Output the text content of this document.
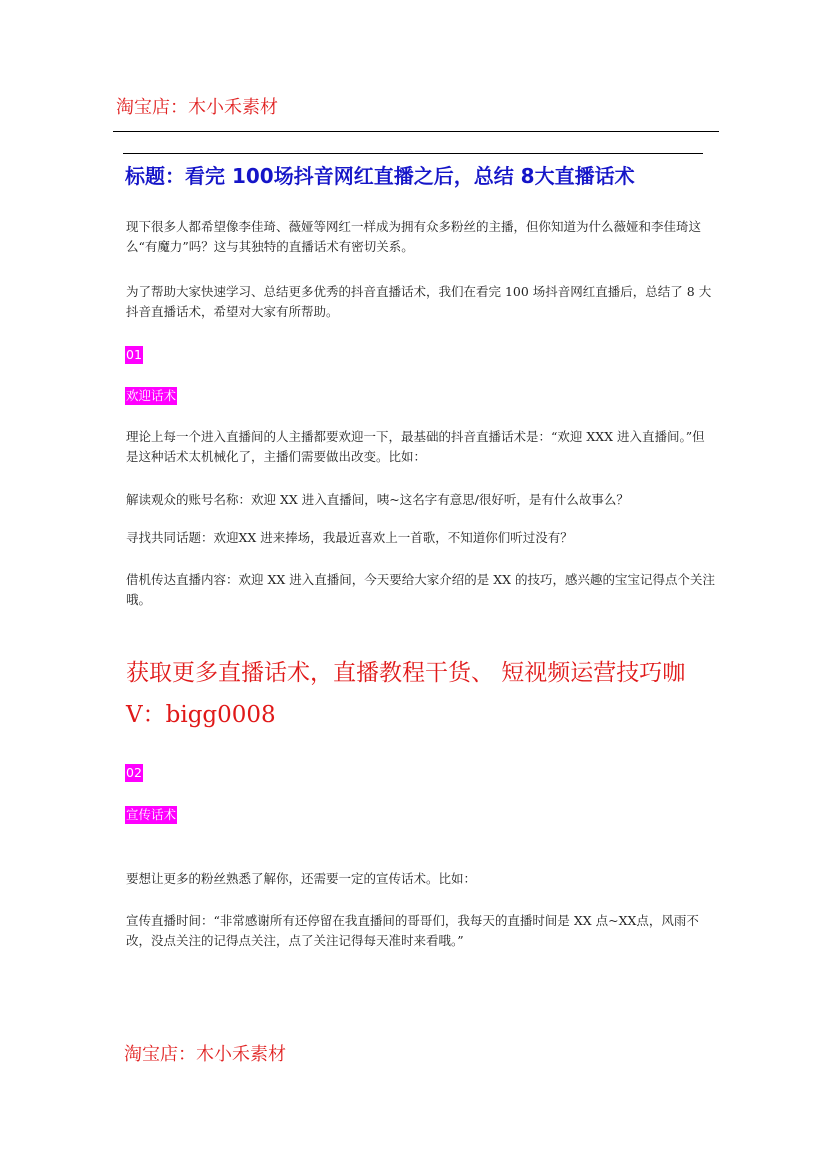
淘宝店：木小禾素材
标题：看完 100场抖音网红直播之后，总结 8大直播话术
现下很多人都希望像李佳琦、薇娅等网红一样成为拥有众多粉丝的主播，但你知道为什么薇娅和李佳琦这么“有魔力”吗？这与其独特的直播话术有密切关系。
为了帮助大家快速学习、总结更多优秀的抖音直播话术，我们在看完 100 场抖音网红直播后，总结了 8 大抖音直播话术，希望对大家有所帮助。
01
欢迎话术
理论上每一个进入直播间的人主播都要欢迎一下，最基础的抖音直播话术是：“欢迎 XXX 进入直播间。”但是这种话术太机械化了，主播们需要做出改变。比如：
解读观众的账号名称：欢迎 XX 进入直播间，咦~这名字有意思/很好听，是有什么故事么？
寻找共同话题：欢迎XX 进来捧场，我最近喜欢上一首歌，不知道你们听过没有？
借机传达直播内容：欢迎 XX 进入直播间，今天要给大家介绍的是 XX 的技巧，感兴趣的宝宝记得点个关注哦。
获取更多直播话术，直播教程干货、 短视频运营技巧咖 V：bigg0008
02
宣传话术
要想让更多的粉丝熟悉了解你，还需要一定的宣传话术。比如：
宣传直播时间：“非常感谢所有还停留在我直播间的哥哥们，我每天的直播时间是 XX 点~XX点，风雨不改，没点关注的记得点关注，点了关注记得每天准时来看哦。”
淘宝店：木小禾素材
